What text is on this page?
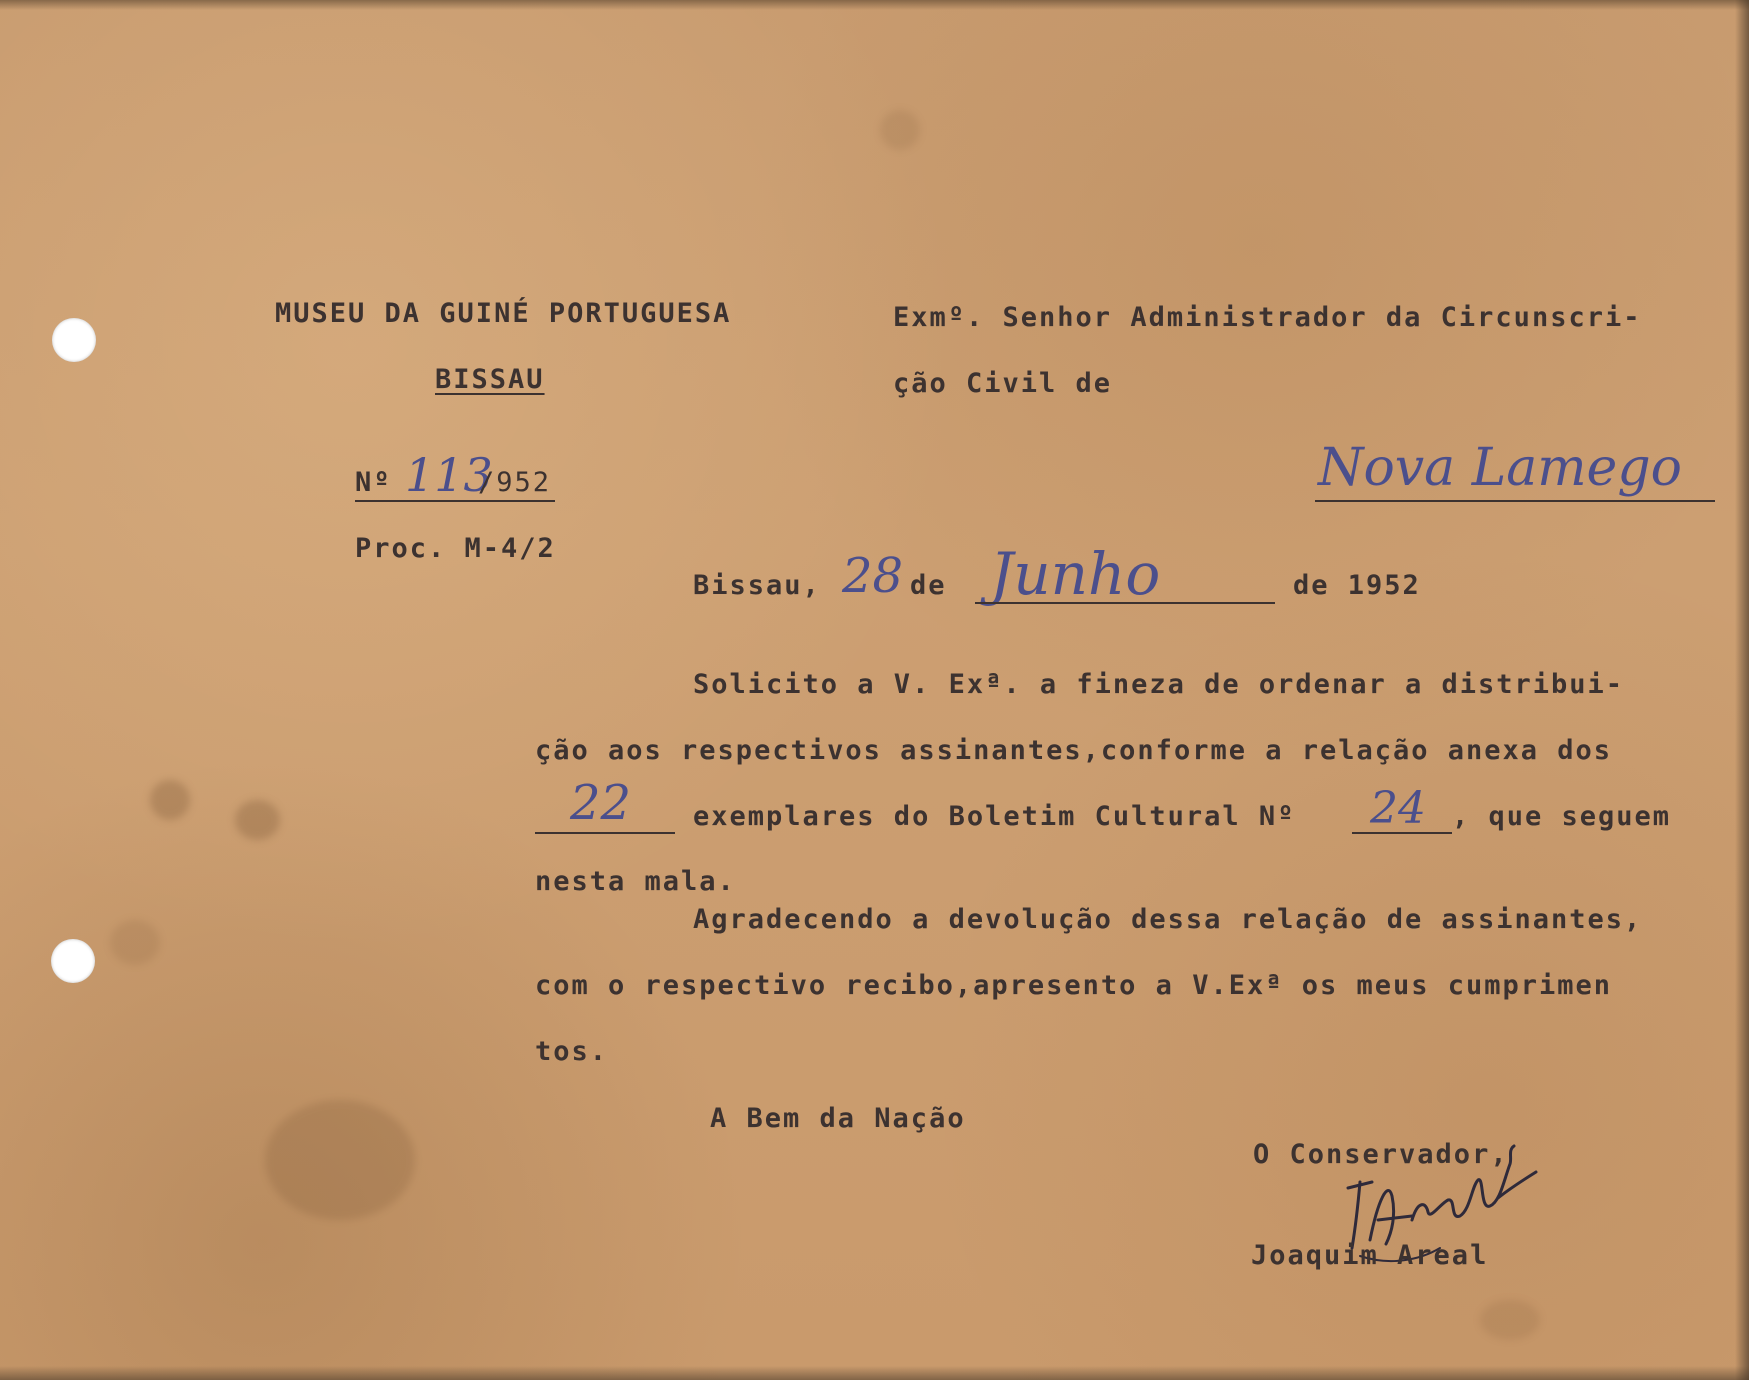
MUSEU DA GUINÉ PORTUGUESA
BISSAU
Nº 113
/952
Proc. M-4/2
Exmº. Senhor Administrador da Circunscri-
ção Civil de
Nova Lamego
Bissau, 28 de Junho	de 1952
Solicito a V. Exª. a fineza de ordenar a distribui-
ção aos respectivos assinantes,conforme a relação anexa dos
22 exemplares do Boletim Cultural Nº 24 , que seguem
nesta mala.
Agradecendo a devolução dessa relação de assinantes,
com o respectivo recibo,apresento a V.Exª os meus cumprimen
tos.
A Bem da Nação
O Conservador,
Joaquim Areal
